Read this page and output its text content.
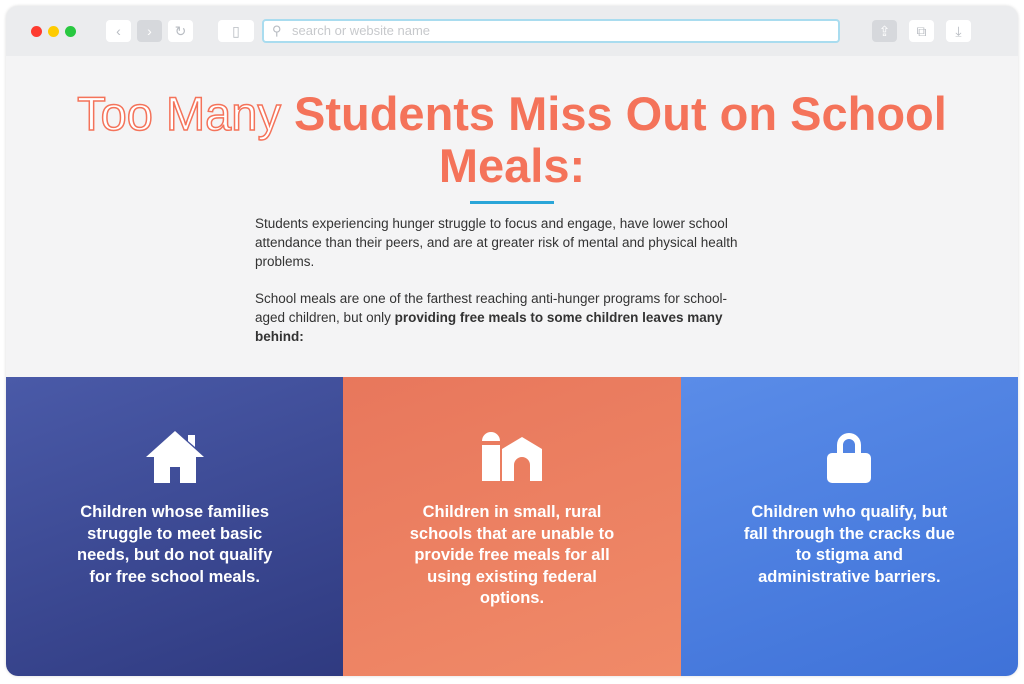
‹	›	↻	▯	⚲ search or website name	⇪	⧉	⤓
Too Many Students Miss Out on School Meals:

Students experiencing hunger struggle to focus and engage, have lower school attendance than their peers, and are at greater risk of mental and physical health problems.

School meals are one of the farthest reaching anti-hunger programs for school-aged children, but only providing free meals to some children leaves many behind:

Children whose families struggle to meet basic needs, but do not qualify for free school meals.
Children in small, rural schools that are unable to provide free meals for all using existing federal options.
Children who qualify, but fall through the cracks due to stigma and administrative barriers.
